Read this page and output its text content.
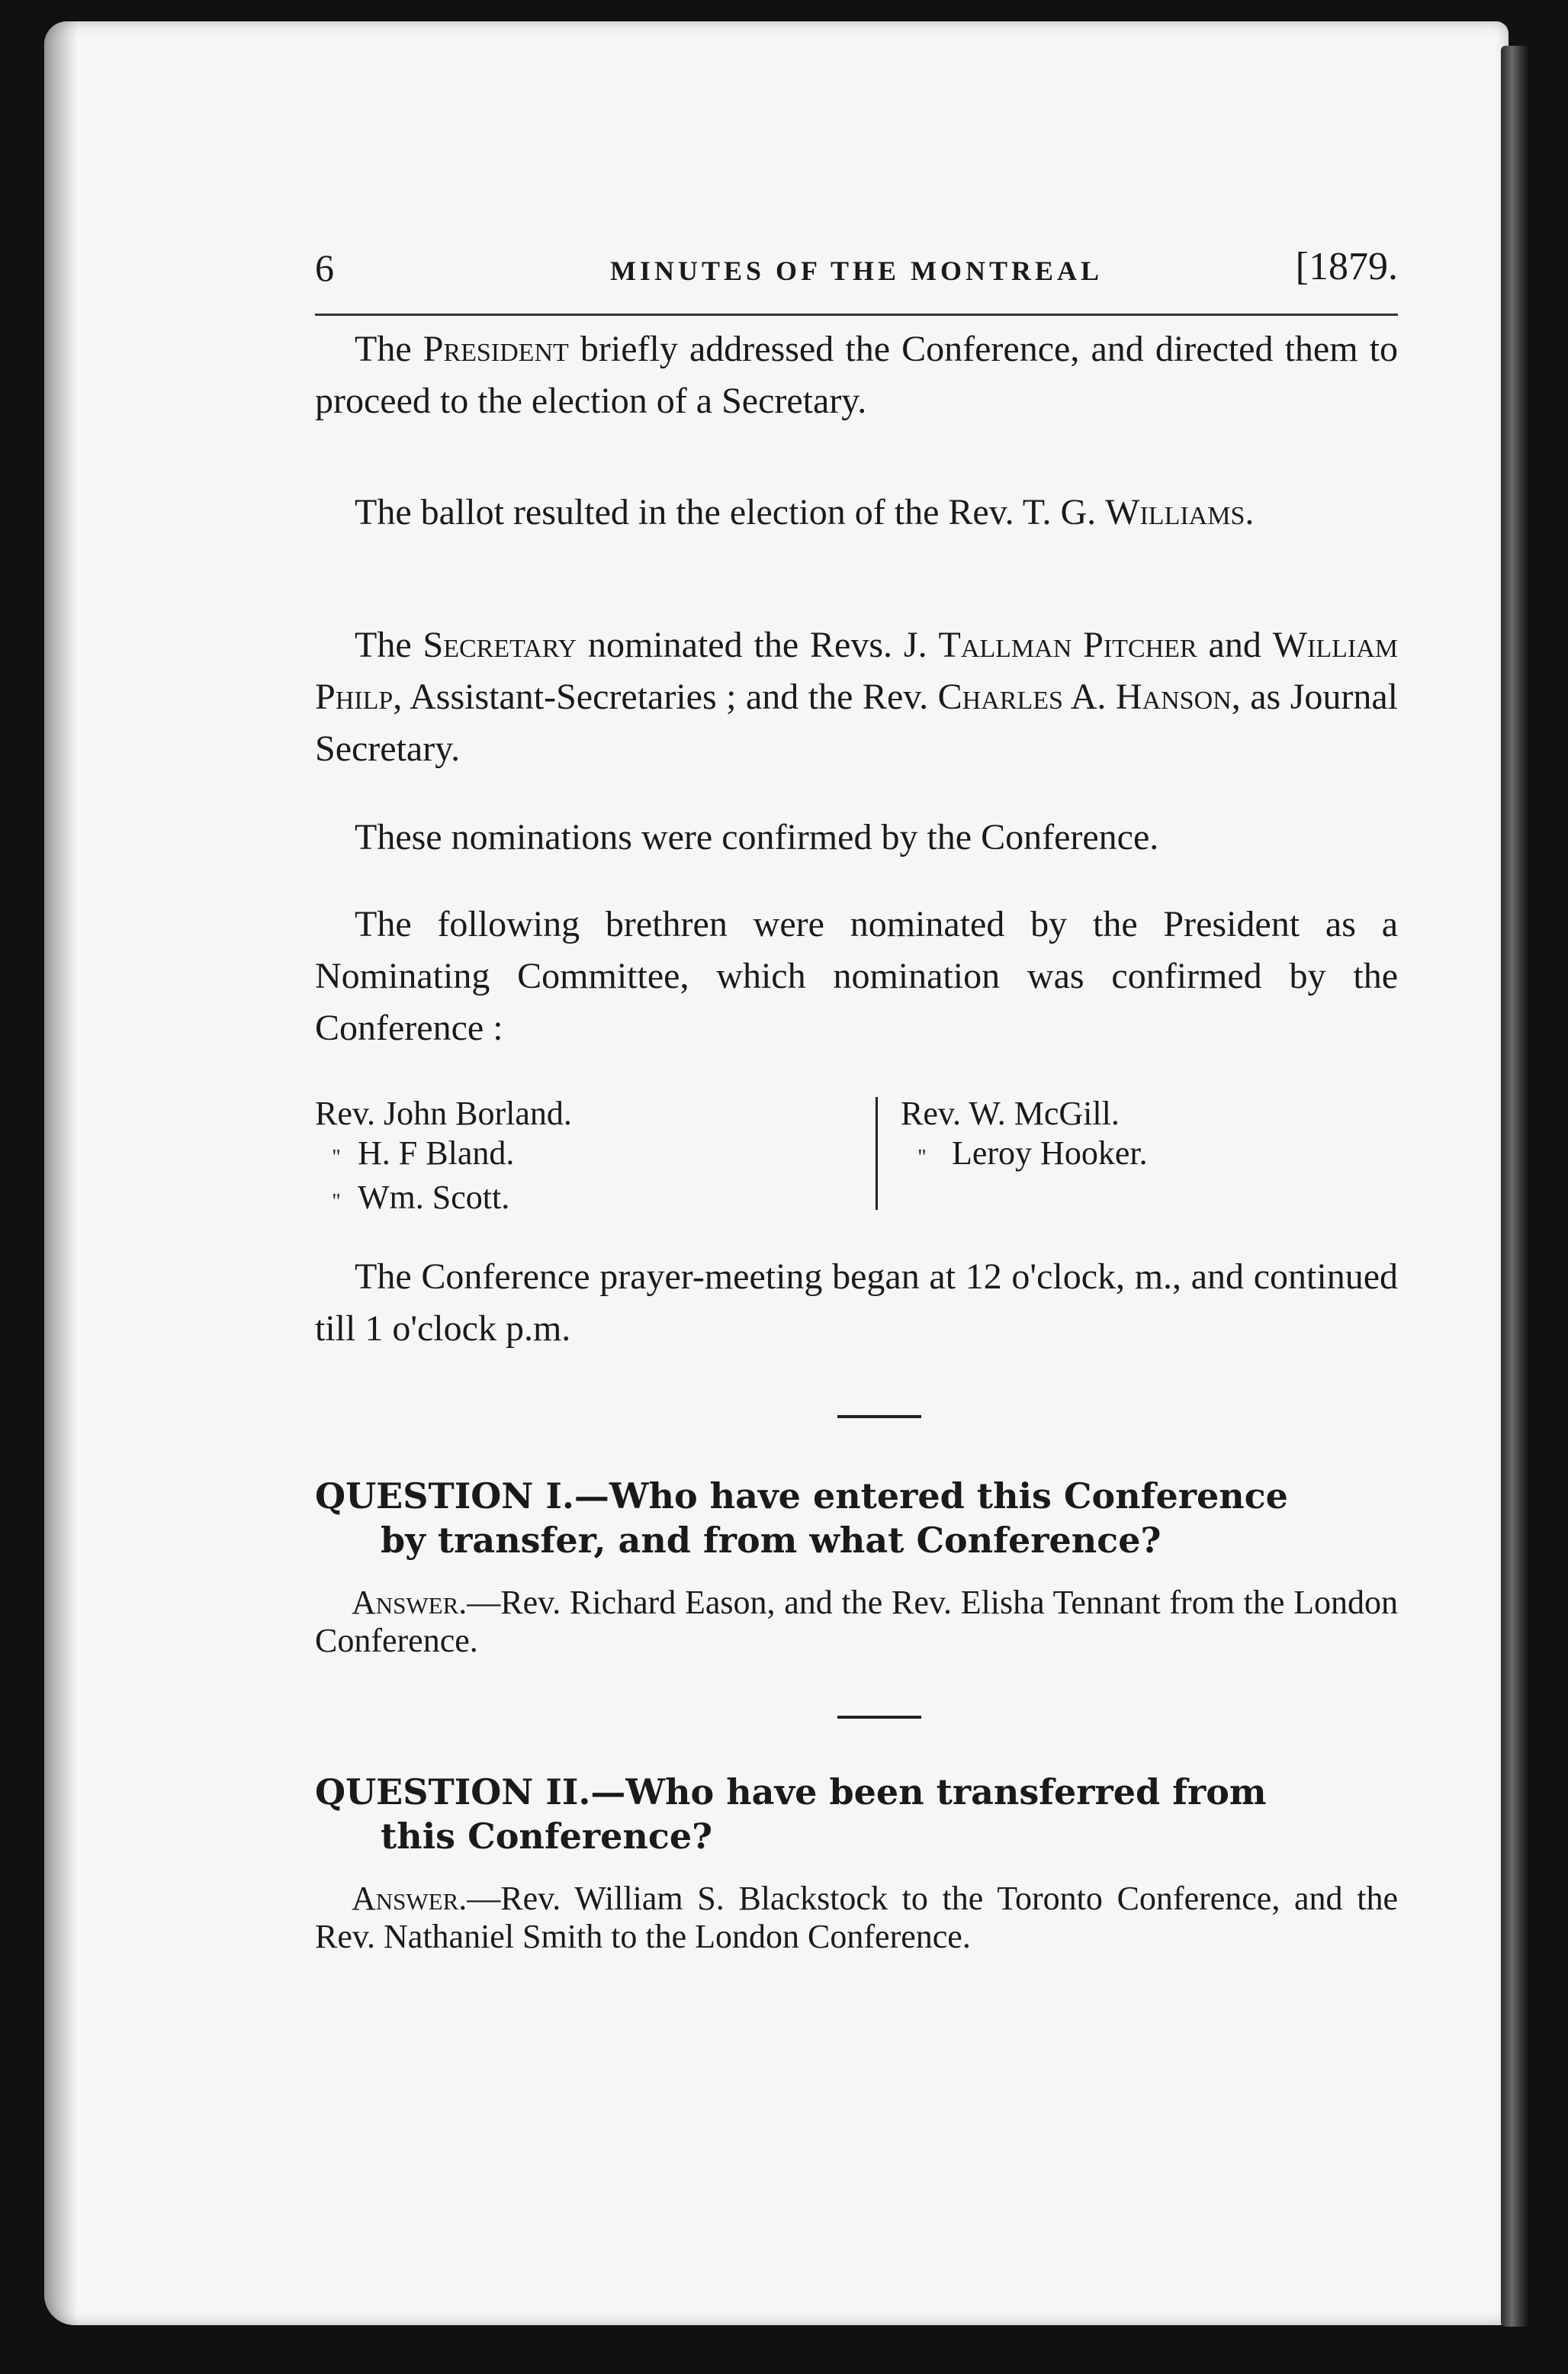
6	MINUTES OF THE MONTREAL	[1879.

The President briefly addressed the Conference, and directed them to proceed to the election of a Secretary.

The ballot resulted in the election of the Rev. T. G. Williams.

The Secretary nominated the Revs. J. Tallman Pitcher and William Philp, Assistant-Secretaries ; and the Rev. Charles A. Hanson, as Journal Secretary.

These nominations were confirmed by the Conference.

The following brethren were nominated by the President as a Nominating Committee, which nomination was confirmed by the Conference :

Rev. John Borland.
" H. F Bland.
" Wm. Scott.
Rev. W. McGill.
" Leroy Hooker.

The Conference prayer-meeting began at 12 o'clock, m., and continued till 1 o'clock p.m.

QUESTION I.—Who have entered this Conference
by transfer, and from what Conference?

Answer.—Rev. Richard Eason, and the Rev. Elisha Tennant from the London Conference.

QUESTION II.—Who have been transferred from
this Conference?

Answer.—Rev. William S. Blackstock to the Toronto Conference, and the Rev. Nathaniel Smith to the London Conference.
